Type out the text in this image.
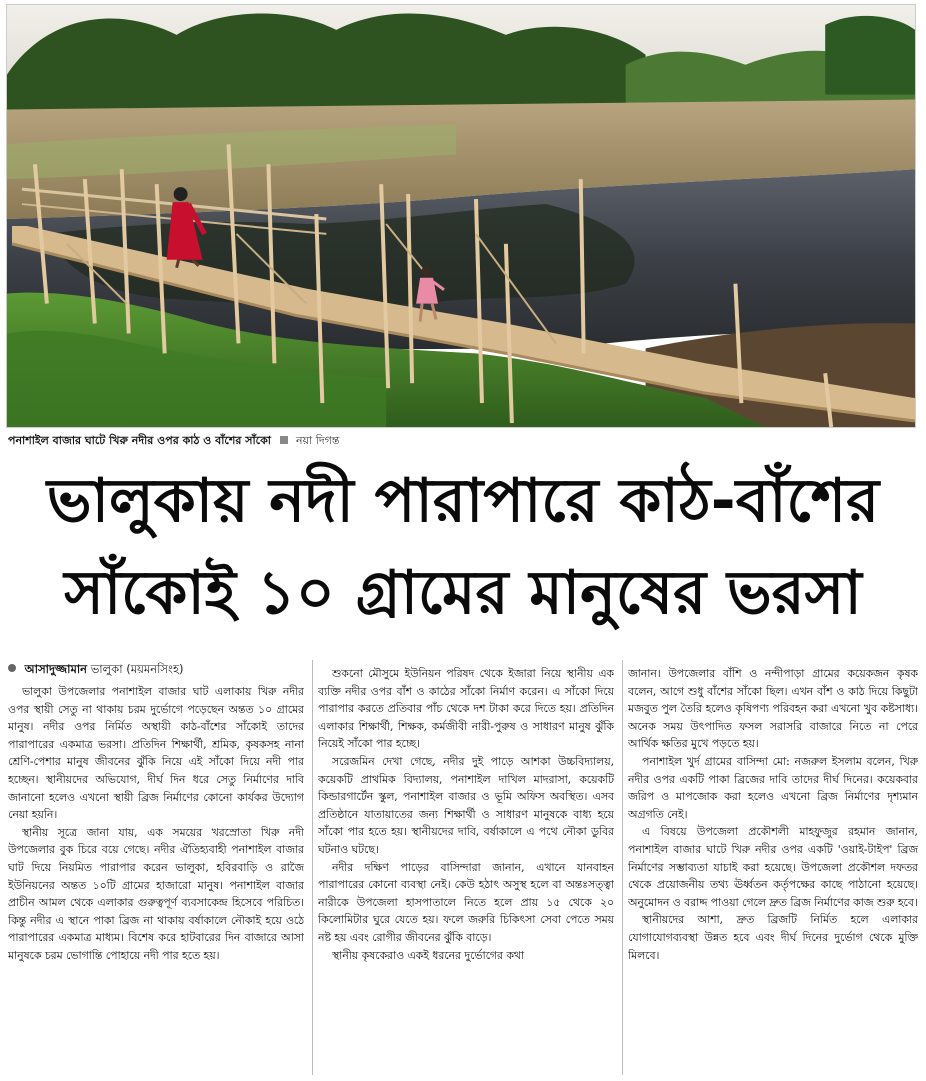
পনাশাইল বাজার ঘাটে খিরু নদীর ওপর কাঠ ও বাঁশের সাঁকো নয়া দিগন্ত
ভালুকায় নদী পারাপারে কাঠ-বাঁশের
সাঁকোই ১০ গ্রামের মানুষের ভরসা
আসাদুজ্জামান ভালুকা (ময়মনসিংহ)

ভালুকা উপজেলার পনাশাইল বাজার ঘাট এলাকায় খিরু নদীর ওপর স্থায়ী সেতু না থাকায় চরম দুর্ভোগে পড়েছেন অন্তত ১০ গ্রামের মানুষ। নদীর ওপর নির্মিত অস্থায়ী কাঠ-বাঁশের সাঁকোই তাদের পারাপারের একমাত্র ভরসা। প্রতিদিন শিক্ষার্থী, শ্রমিক, কৃষকসহ নানা শ্রেণি-পেশার মানুষ জীবনের ঝুঁকি নিয়ে এই সাঁকো দিয়ে নদী পার হচ্ছেন। স্থানীয়দের অভিযোগ, দীর্ঘ দিন ধরে সেতু নির্মাণের দাবি জানানো হলেও এখনো স্থায়ী ব্রিজ নির্মাণের কোনো কার্যকর উদ্যোগ নেয়া হয়নি।

স্থানীয় সূত্রে জানা যায়, এক সময়ের খরস্রোতা খিরু নদী উপজেলার বুক চিরে বয়ে গেছে। নদীর ঐতিহ্যবাহী পনাশাইল বাজার ঘাট দিয়ে নিয়মিত পারাপার করেন ভালুকা, হবিরবাড়ি ও রাজৈ ইউনিয়নের অন্তত ১০টি গ্রামের হাজারো মানুষ। পনাশাইল বাজার প্রাচীন আমল থেকে এলাকার গুরুত্বপূর্ণ ব্যবসাকেন্দ্র হিসেবে পরিচিত। কিন্তু নদীর এ স্থানে পাকা ব্রিজ না থাকায় বর্ষাকালে নৌকাই হয়ে ওঠে পারাপারের একমাত্র মাধ্যম। বিশেষ করে হাটবারের দিন বাজারে আসা মানুষকে চরম ভোগান্তি পোহায়ে নদী পার হতে হয়।

শুকনো মৌসুমে ইউনিয়ন পরিষদ থেকে ইজারা নিয়ে স্থানীয় এক ব্যক্তি নদীর ওপর বাঁশ ও কাঠের সাঁকো নির্মাণ করেন। এ সাঁকো দিয়ে পারাপার করতে প্রতিবার পাঁচ থেকে দশ টাকা করে দিতে হয়। প্রতিদিন এলাকার শিক্ষার্থী, শিক্ষক, কর্মজীবী নারী-পুরুষ ও সাধারণ মানুষ ঝুঁকি নিয়েই সাঁকো পার হচ্ছে।

সরেজমিন দেখা গেছে, নদীর দুই পাড়ে আশকা উচ্চবিদ্যালয়, কয়েকটি প্রাথমিক বিদ্যালয়, পনাশাইল দাখিল মাদরাসা, কয়েকটি কিন্ডারগার্টেন স্কুল, পনাশাইল বাজার ও ভূমি অফিস অবস্থিত। এসব প্রতিষ্ঠানে যাতায়াতের জন্য শিক্ষার্থী ও সাধারণ মানুষকে বাধ্য হয়ে সাঁকো পার হতে হয়। স্থানীয়দের দাবি, বর্ষাকালে এ পথে নৌকা ডুবির ঘটনাও ঘটছে।

নদীর দক্ষিণ পাড়ের বাসিন্দারা জানান, এখানে যানবাহন পারাপারের কোনো ব্যবস্থা নেই। কেউ হঠাৎ অসুস্থ হলে বা অন্তঃসত্ত্বা নারীকে উপজেলা হাসপাতালে নিতে হলে প্রায় ১৫ থেকে ২০ কিলোমিটার ঘুরে যেতে হয়। ফলে জরুরি চিকিৎসা সেবা পেতে সময় নষ্ট হয় এবং রোগীর জীবনের ঝুঁকি বাড়ে।

স্থানীয় কৃষকেরাও একই ধরনের দুর্ভোগের কথা

জানান। উপজেলার বাঁশি ও নন্দীপাড়া গ্রামের কয়েকজন কৃষক বলেন, আগে শুধু বাঁশের সাঁকো ছিল। এখন বাঁশ ও কাঠ দিয়ে কিছুটা মজবুত পুল তৈরি হলেও কৃষিপণ্য পরিবহন করা এখনো খুব কষ্টসাধ্য। অনেক সময় উৎপাদিত ফসল সরাসরি বাজারে নিতে না পেরে আর্থিক ক্ষতির মুখে পড়তে হয়।

পনাশাইল খুর্দ গ্রামের বাসিন্দা মো: নজরুল ইসলাম বলেন, খিরু নদীর ওপর একটি পাকা ব্রিজের দাবি তাদের দীর্ঘ দিনের। কয়েকবার জরিপ ও মাপজোক করা হলেও এখনো ব্রিজ নির্মাণের দৃশ্যমান অগ্রগতি নেই।

এ বিষয়ে উপজেলা প্রকৌশলী মাহফুজুর রহমান জানান, পনাশাইল বাজার ঘাটে খিরু নদীর ওপর একটি 'ওয়াই-টাইপ' ব্রিজ নির্মাণের সম্ভাব্যতা যাচাই করা হয়েছে। উপজেলা প্রকৌশল দফতর থেকে প্রয়োজনীয় তথ্য ঊর্ধ্বতন কর্তৃপক্ষের কাছে পাঠানো হয়েছে। অনুমোদন ও বরাদ্দ পাওয়া গেলে দ্রুত ব্রিজ নির্মাণের কাজ শুরু হবে।

স্থানীয়দের আশা, দ্রুত ব্রিজটি নির্মিত হলে এলাকার যোগাযোগব্যবস্থা উন্নত হবে এবং দীর্ঘ দিনের দুর্ভোগ থেকে মুক্তি মিলবে।
